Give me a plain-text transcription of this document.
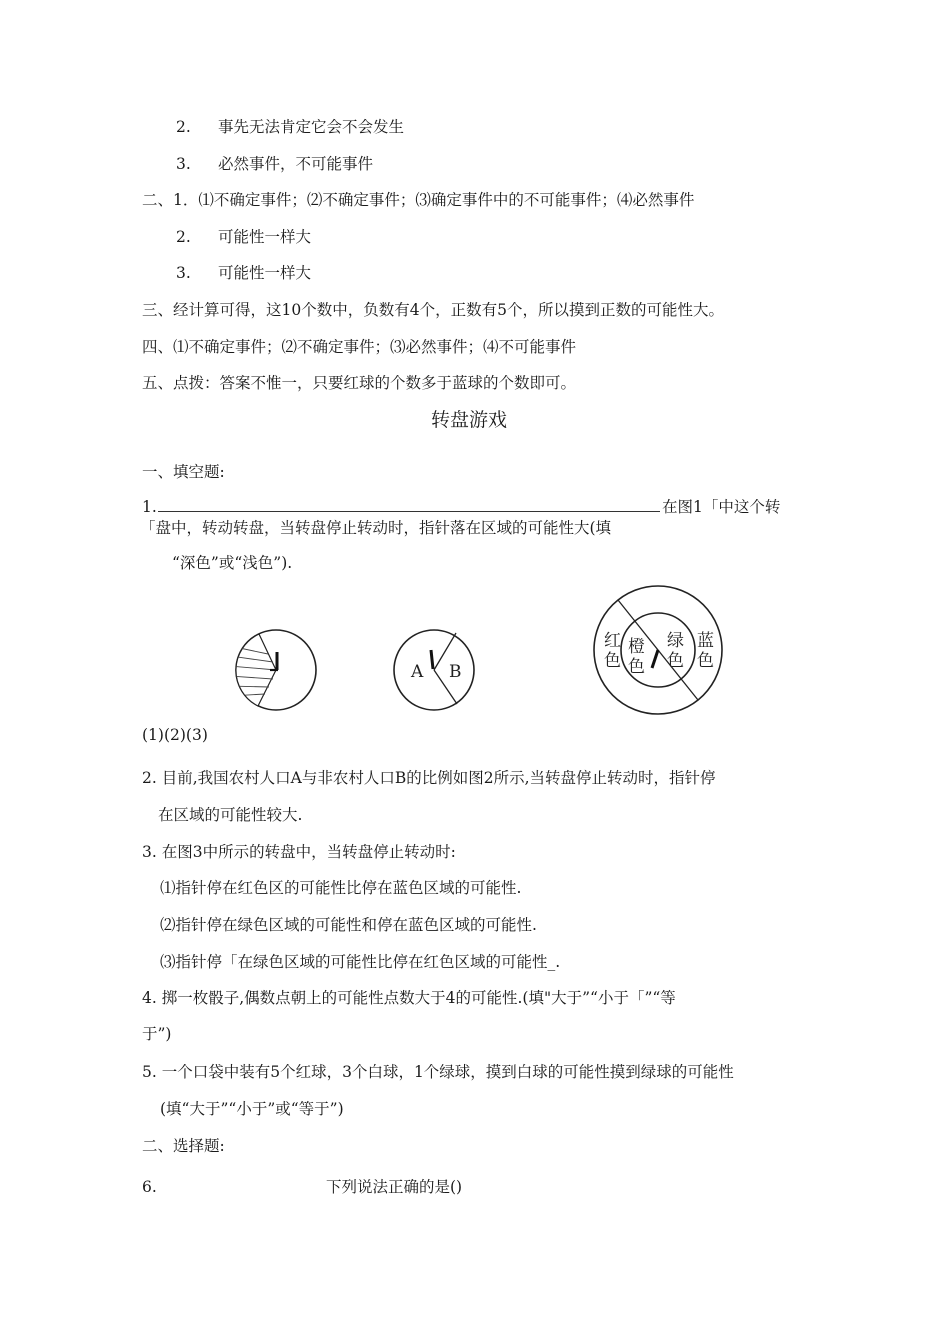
2. 事先无法肯定它会不会发生
3. 必然事件，不可能事件
二、1．⑴不确定事件；⑵不确定事件；⑶确定事件中的不可能事件；⑷必然事件
2. 可能性一样大
3. 可能性一样大
三、经计算可得，这10个数中，负数有4个，正数有5个，所以摸到正数的可能性大。
四、⑴不确定事件；⑵不确定事件；⑶必然事件；⑷不可能事件
五、点拨：答案不惟一，只要红球的个数多于蓝球的个数即可。
转盘游戏
一、填空题:
1.	在图1「中这个转
「盘中，转动转盘，当转盘停止转动时，指针落在区域的可能性大(填
“深色”或“浅色”).
A B
红
色
橙
色
绿
色
蓝
色
(1)(2)(3)
2. 目前,我国农村人口A与非农村人口B的比例如图2所示,当转盘停止转动时，指针停
在区域的可能性较大.
3. 在图3中所示的转盘中，当转盘停止转动时:
⑴指针停在红色区的可能性比停在蓝色区域的可能性.
⑵指针停在绿色区域的可能性和停在蓝色区域的可能性.
⑶指针停「在绿色区域的可能性比停在红色区域的可能性_.
4. 掷一枚骰子,偶数点朝上的可能性点数大于4的可能性.(填"大于”“小于「”“等
于”)
5. 一个口袋中装有5个红球，3个白球，1个绿球，摸到白球的可能性摸到绿球的可能性
(填“大于”“小于”或“等于”)
二、选择题:
6.	下列说法正确的是()
